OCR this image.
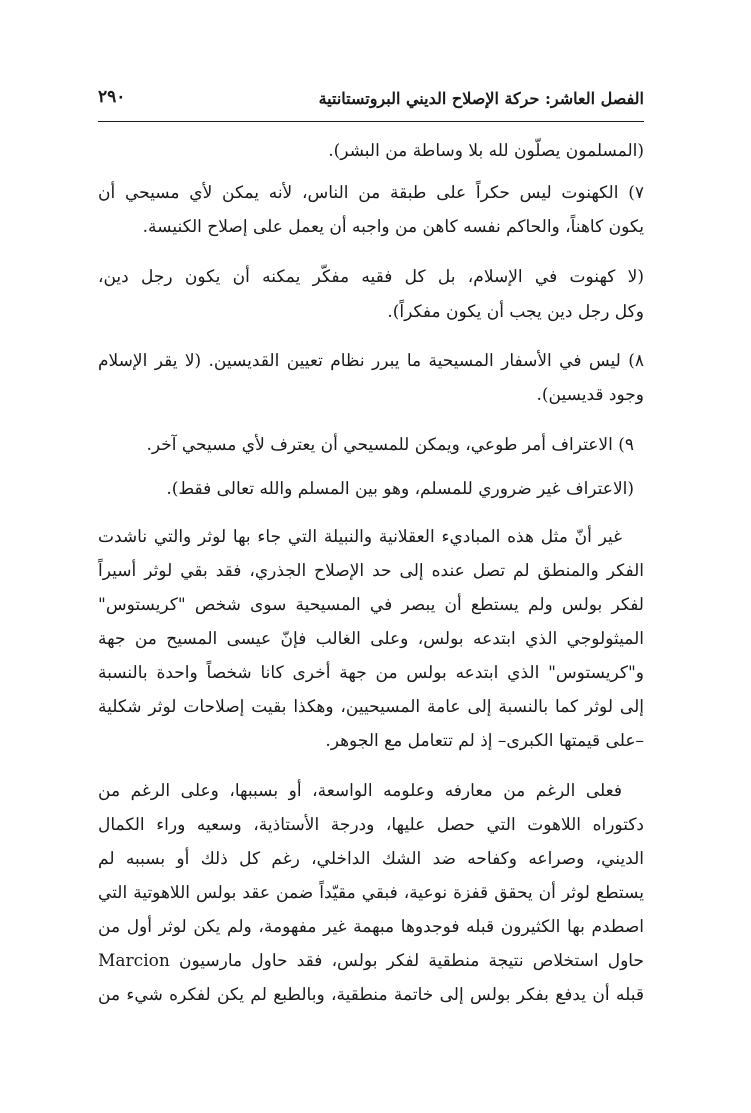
الفصل العاشر: حركة الإصلاح الديني البروتستانتية
٢٩٠
(المسلمون يصلّون لله بلا وساطة من البشر).
٧) الكهنوت ليس حكراً على طبقة من الناس، لأنه يمكن لأي مسيحي أن
يكون كاهناً، والحاكم نفسه كاهن من واجبه أن يعمل على إصلاح الكنيسة.
(لا كهنوت في الإسلام، بل كل فقيه مفكّر يمكنه أن يكون رجل دين،
وكل رجل دين يجب أن يكون مفكراً).
٨) ليس في الأسفار المسيحية ما يبرر نظام تعيين القديسين. (لا يقر الإسلام
وجود قديسين).
٩) الاعتراف أمر طوعي، ويمكن للمسيحي أن يعترف لأي مسيحي آخر.
(الاعتراف غير ضروري للمسلم، وهو بين المسلم والله تعالى فقط).
غير أنّ مثل هذه المباديء العقلانية والنبيلة التي جاء بها لوثر والتي ناشدت
الفكر والمنطق لم تصل عنده إلى حد الإصلاح الجذري، فقد بقي لوثر أسيراً
لفكر بولس ولم يستطع أن يبصر في المسيحية سوى شخص "كريستوس"
الميثولوجي الذي ابتدعه بولس، وعلى الغالب فإنّ عيسى المسيح من جهة
و"كريستوس" الذي ابتدعه بولس من جهة أخرى كانا شخصاً واحدة بالنسبة
إلى لوثر كما بالنسبة إلى عامة المسيحيين، وهكذا بقيت إصلاحات لوثر شكلية
–على قيمتها الكبرى– إذ لم تتعامل مع الجوهر.
فعلى الرغم من معارفه وعلومه الواسعة، أو بسببها، وعلى الرغم من
دكتوراه اللاهوت التي حصل عليها، ودرجة الأستاذية، وسعيه وراء الكمال
الديني، وصراعه وكفاحه ضد الشك الداخلي، رغم كل ذلك أو بسببه لم
يستطع لوثر أن يحقق قفزة نوعية، فبقي مقيّداً ضمن عقد بولس اللاهوتية التي
اصطدم بها الكثيرون قبله فوجدوها مبهمة غير مفهومة، ولم يكن لوثر أول من
حاول استخلاص نتيجة منطقية لفكر بولس، فقد حاول مارسيون Marcion
قبله أن يدفع بفكر بولس إلى خاتمة منطقية، وبالطبع لم يكن لفكره شيء من
